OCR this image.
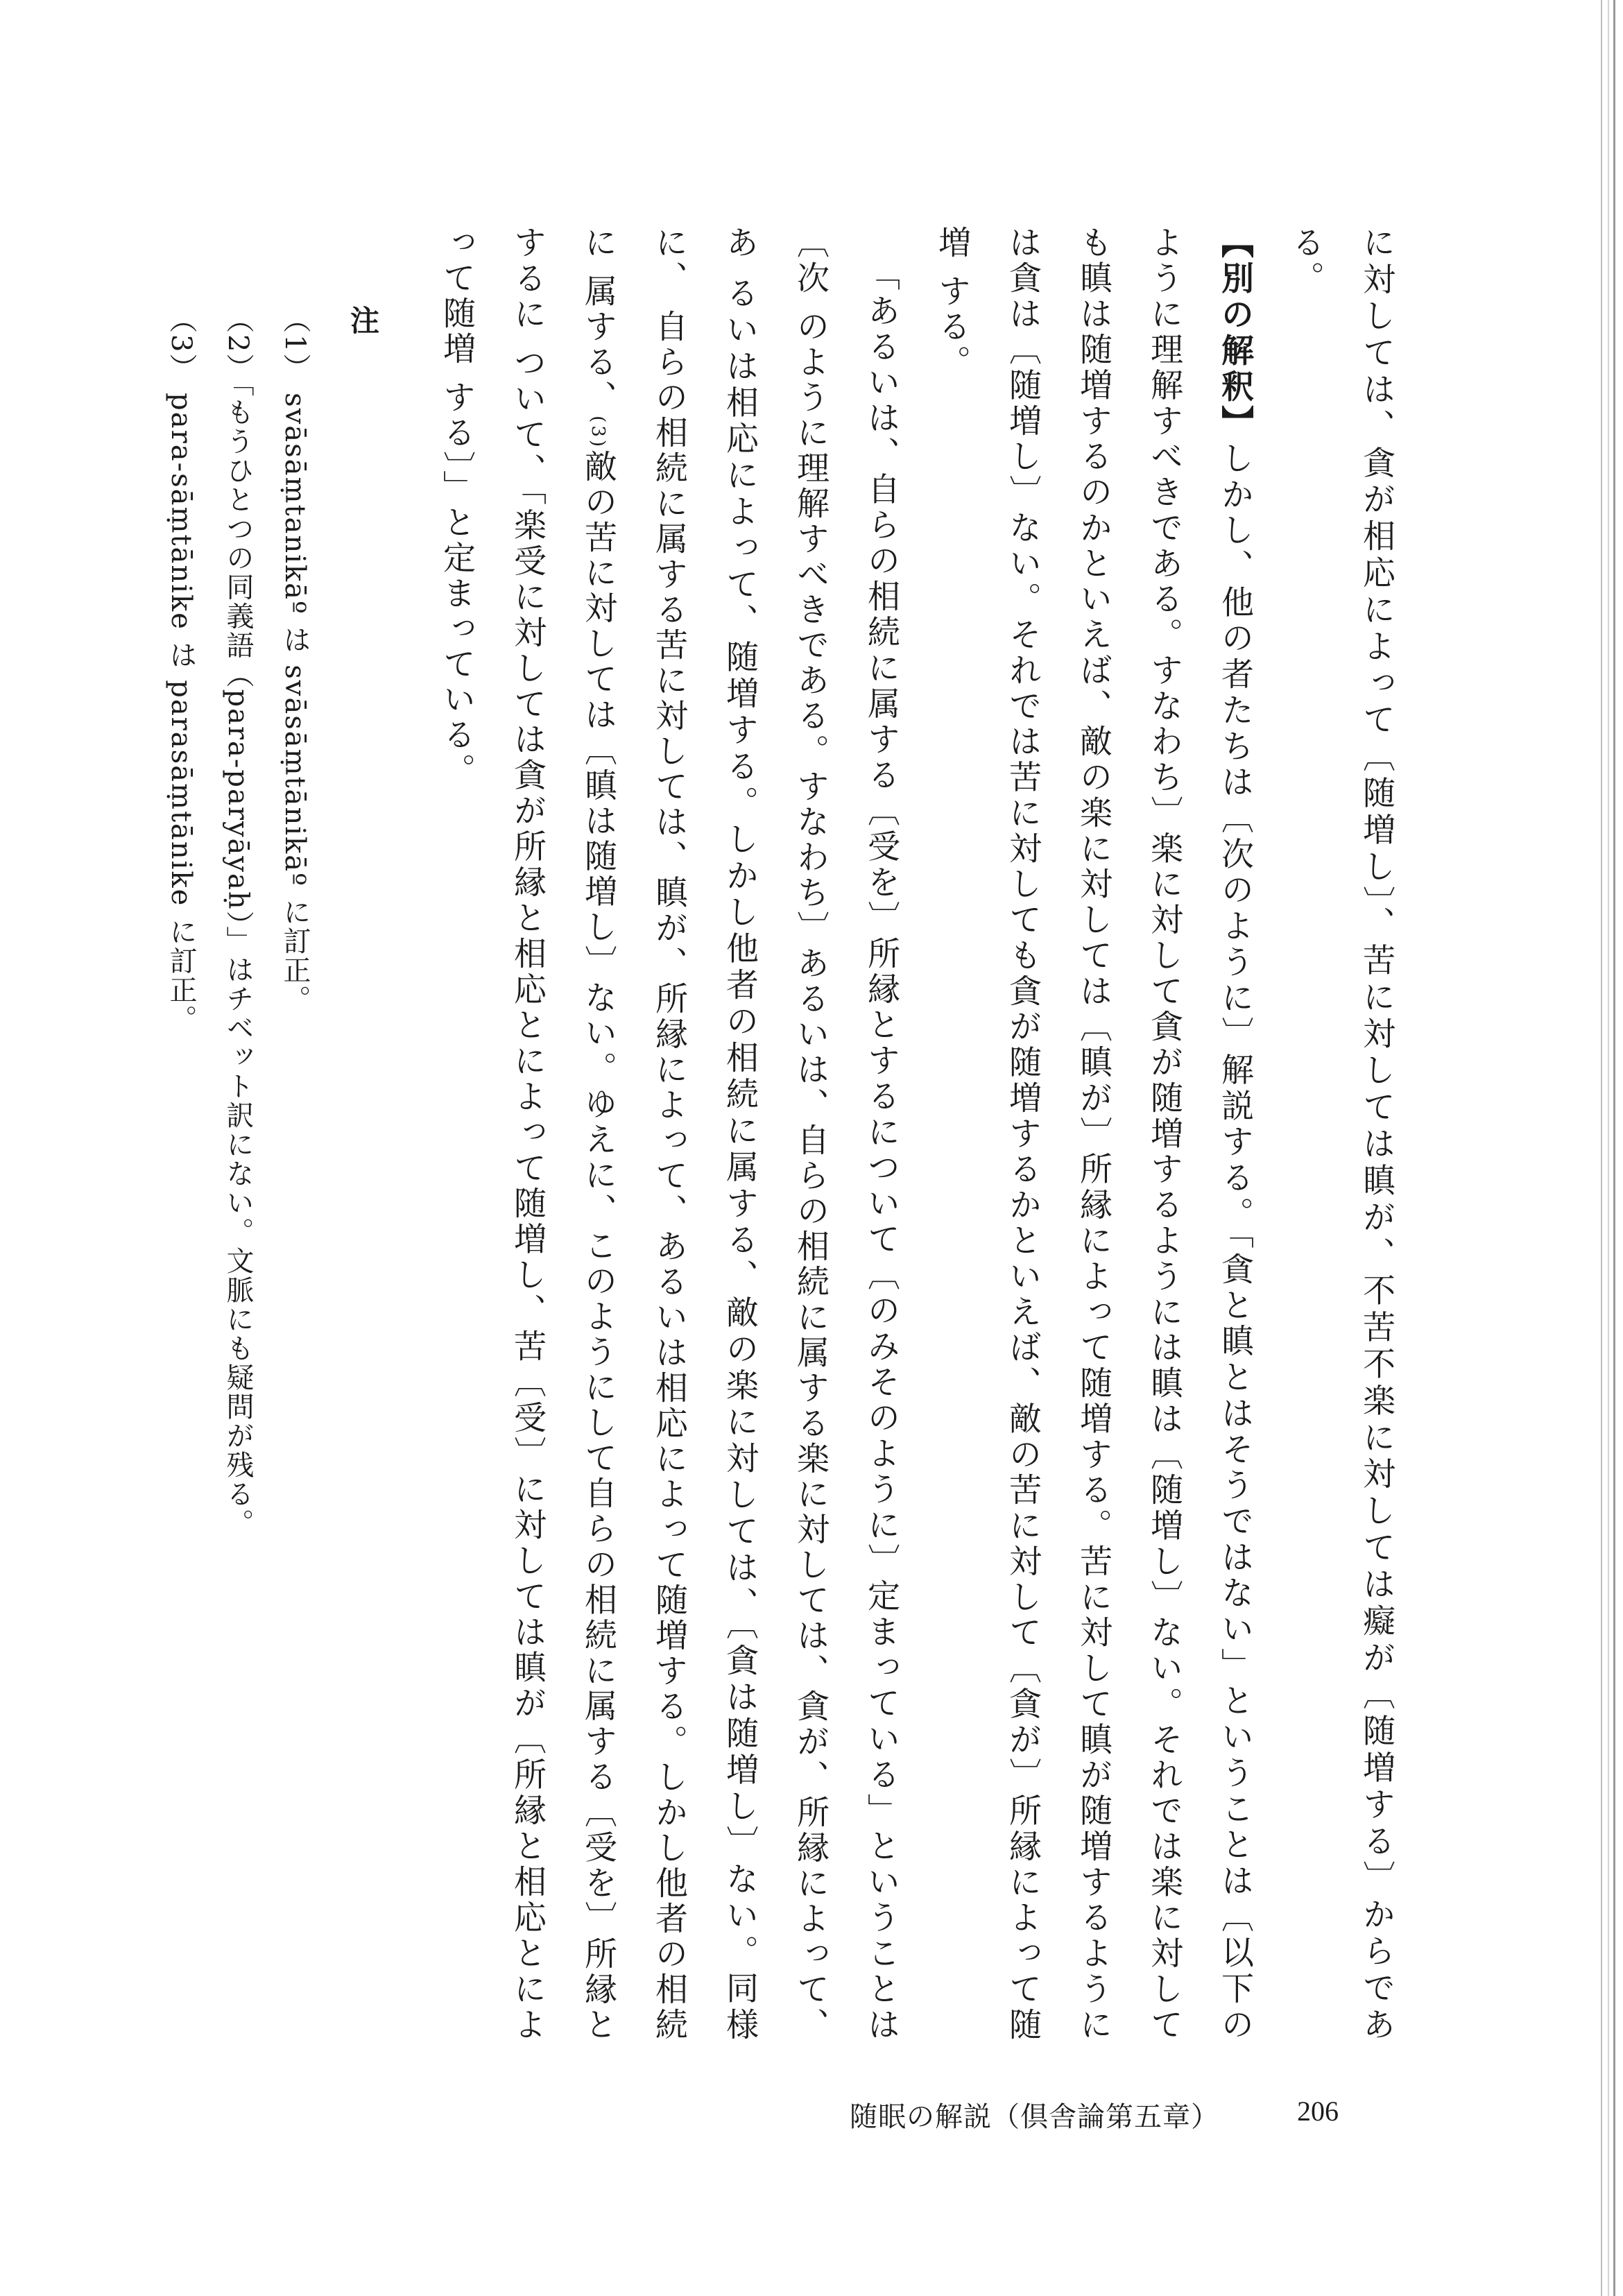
に対しては、貪が相応によって〔随増し〕、苦に対しては瞋が、不苦不楽に対しては癡が〔随増する〕からである。

【別の解釈】しかし、他の者たちは〔次のように〕解説する。「貪と瞋とはそうではない」ということは〔以下の ように理解すべきである。すなわち〕楽に対して貪が随増するようには瞋は〔随増し〕ない。それでは楽に対して も瞋は随増するのかといえば、敵の楽に対しては〔瞋が〕所縁によって随増する。苦に対して瞋が随増するように は貪は〔随増し〕ない。それでは苦に対しても貪が随増するかといえば、敵の苦に対して〔貪が〕所縁によって随増 する。

「あるいは、自らの相続に属する〔受を〕所縁とするについて〔のみそのように〕定まっている」ということは〔次 のように理解すべきである。すなわち〕あるいは、自らの相続に属する楽に対しては、貪が、所縁によって、あ るいは相応によって、随増する。しかし他者の相続に属する、敵の楽に対しては、〔貪は随増し〕ない。同様に、 自らの相続に属する苦に対しては、瞋が、所縁によって、あるいは相応によって随増する。しかし他者の相続に 属する、(3)敵の苦に対しては〔瞋は随増し〕ない。ゆえに、このようにして自らの相続に属する〔受を〕所縁とするに ついて、「楽受に対しては貪が所縁と相応とによって随増し、苦〔受〕に対しては瞋が〔所縁と相応とによって随増 する〕」と定まっている。

注

（1） svāsāṃtanikāº は svāsāṃtānikāº に訂正。

（2）「もうひとつの同義語（para-paryāyaḥ）」はチベット訳にない。文脈にも疑問が残る。

（3） para-sāṃtānike は parasāṃtānike に訂正。

随眠の解説（倶舎論第五章）	206
